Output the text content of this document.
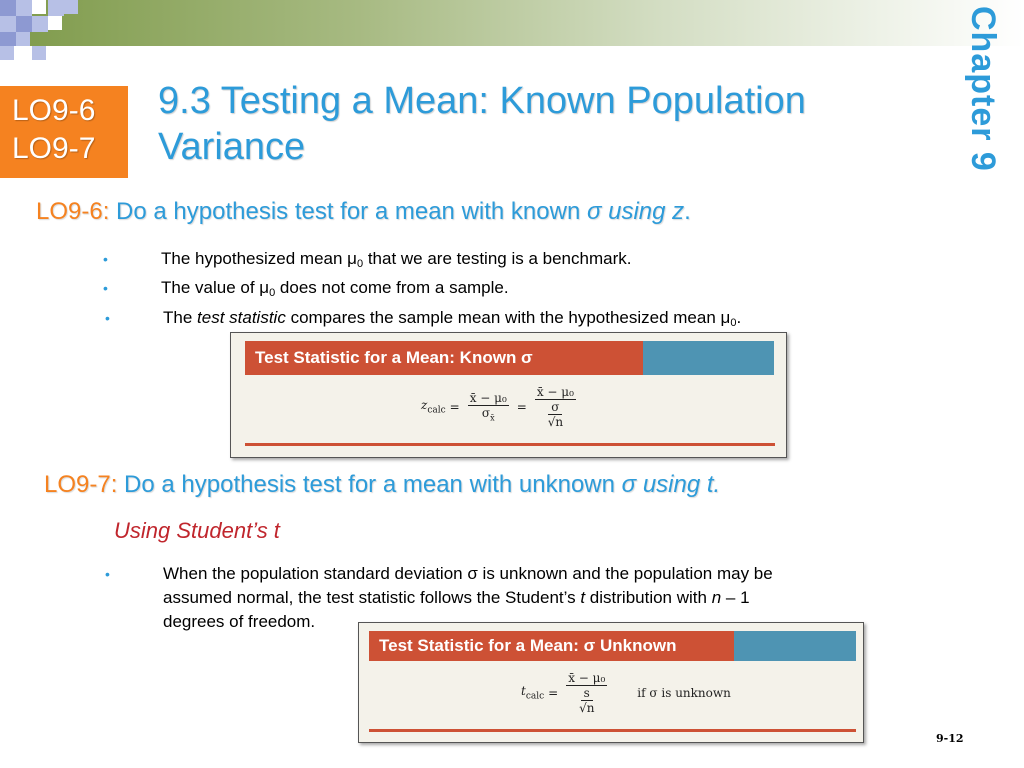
LO9-6
LO9-7
9.3 Testing a Mean: Known Population Variance	Chapter 9
LO9-6: Do a hypothesis test for a mean with known σ using z.
•	The hypothesized mean $\mu_0$ that we are testing is a benchmark.
•	The value of $\mu_0$ does not come from a sample.
•	The test statistic compares the sample mean with the hypothesized mean $\mu_0$.
Test Statistic for a Mean: Known σ
$z_{calc} = \frac{\text{x̄ − μ₀}}{\sigma_{x̄}}$ = x̄ − μ₀
σ
√n
LO9-7: Do a hypothesis test for a mean with unknown σ using t.
Using Student’s t
•	When the population standard deviation σ is unknown and the population may be
assumed normal, the test statistic follows the Student’s t distribution with n – 1
degrees of freedom.
Test Statistic for a Mean: σ Unknown
$t_{calc}$ = x̄ − μ₀
s
√n	if σ is unknown
9-12
